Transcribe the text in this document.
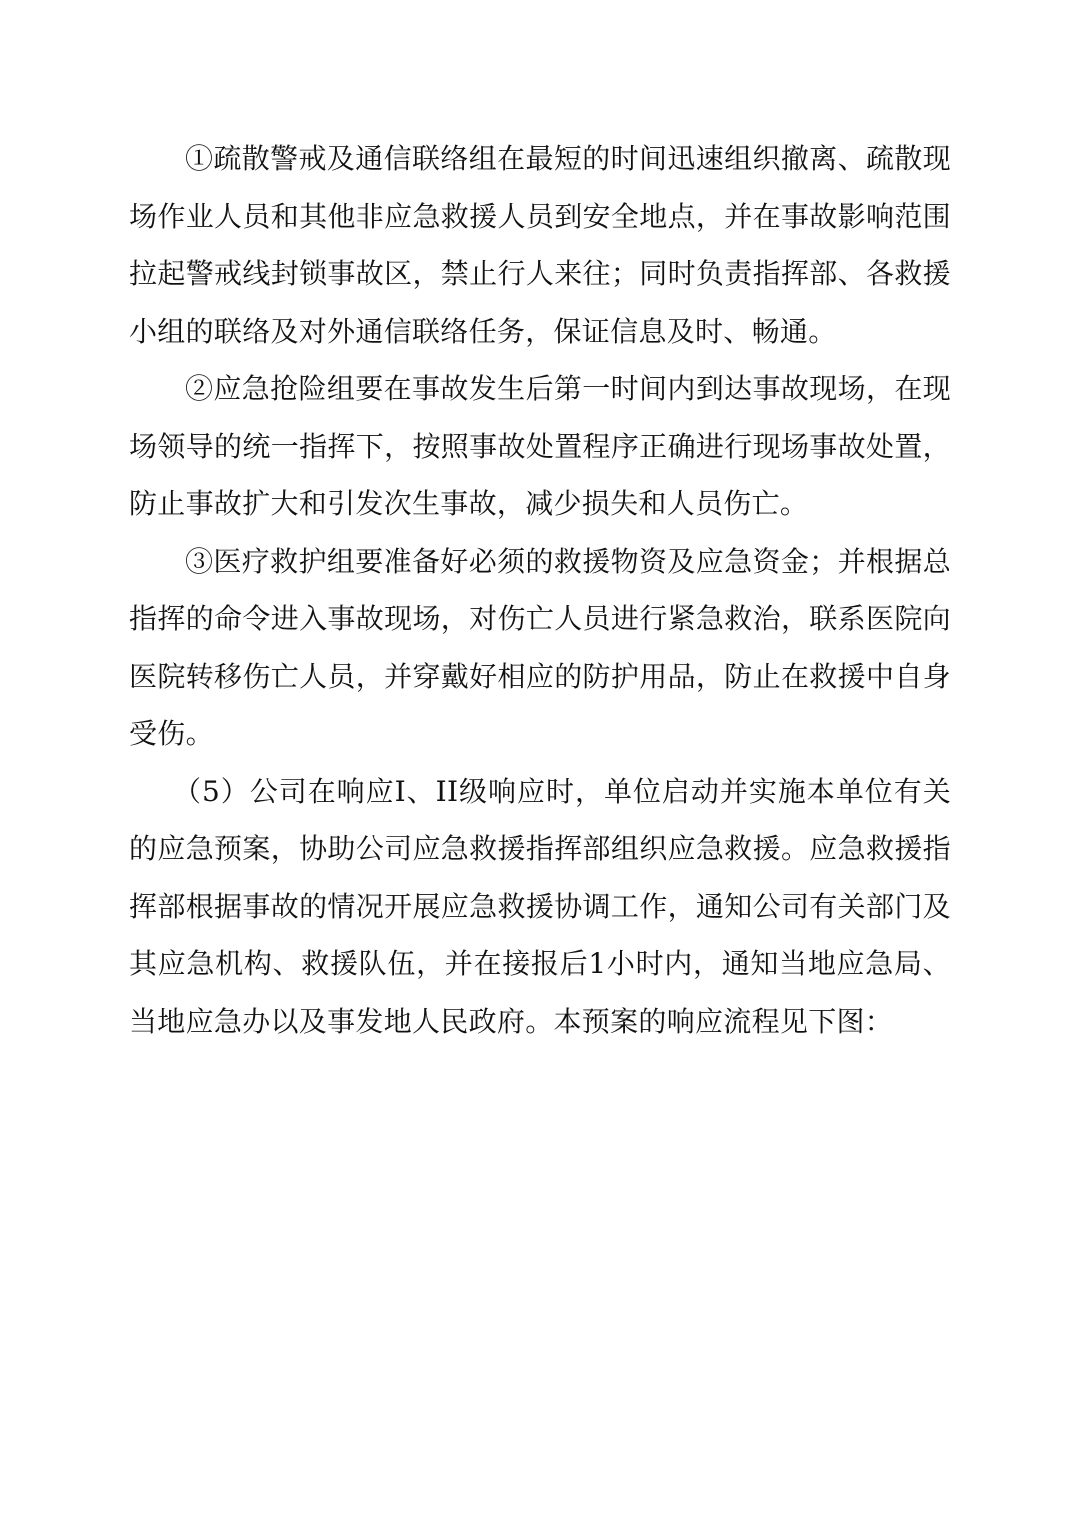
①疏散警戒及通信联络组在最短的时间迅速组织撤离、疏散现场作业人员和其他非应急救援人员到安全地点，并在事故影响范围拉起警戒线封锁事故区，禁止行人来往；同时负责指挥部、各救援小组的联络及对外通信联络任务，保证信息及时、畅通。

②应急抢险组要在事故发生后第一时间内到达事故现场，在现场领导的统一指挥下，按照事故处置程序正确进行现场事故处置，防止事故扩大和引发次生事故，减少损失和人员伤亡。

③医疗救护组要准备好必须的救援物资及应急资金；并根据总指挥的命令进入事故现场，对伤亡人员进行紧急救治，联系医院向医院转移伤亡人员，并穿戴好相应的防护用品，防止在救援中自身受伤。

（5）公司在响应I、II级响应时，单位启动并实施本单位有关的应急预案，协助公司应急救援指挥部组织应急救援。应急救援指挥部根据事故的情况开展应急救援协调工作，通知公司有关部门及其应急机构、救援队伍，并在接报后1小时内，通知当地应急局、当地应急办以及事发地人民政府。本预案的响应流程见下图：
